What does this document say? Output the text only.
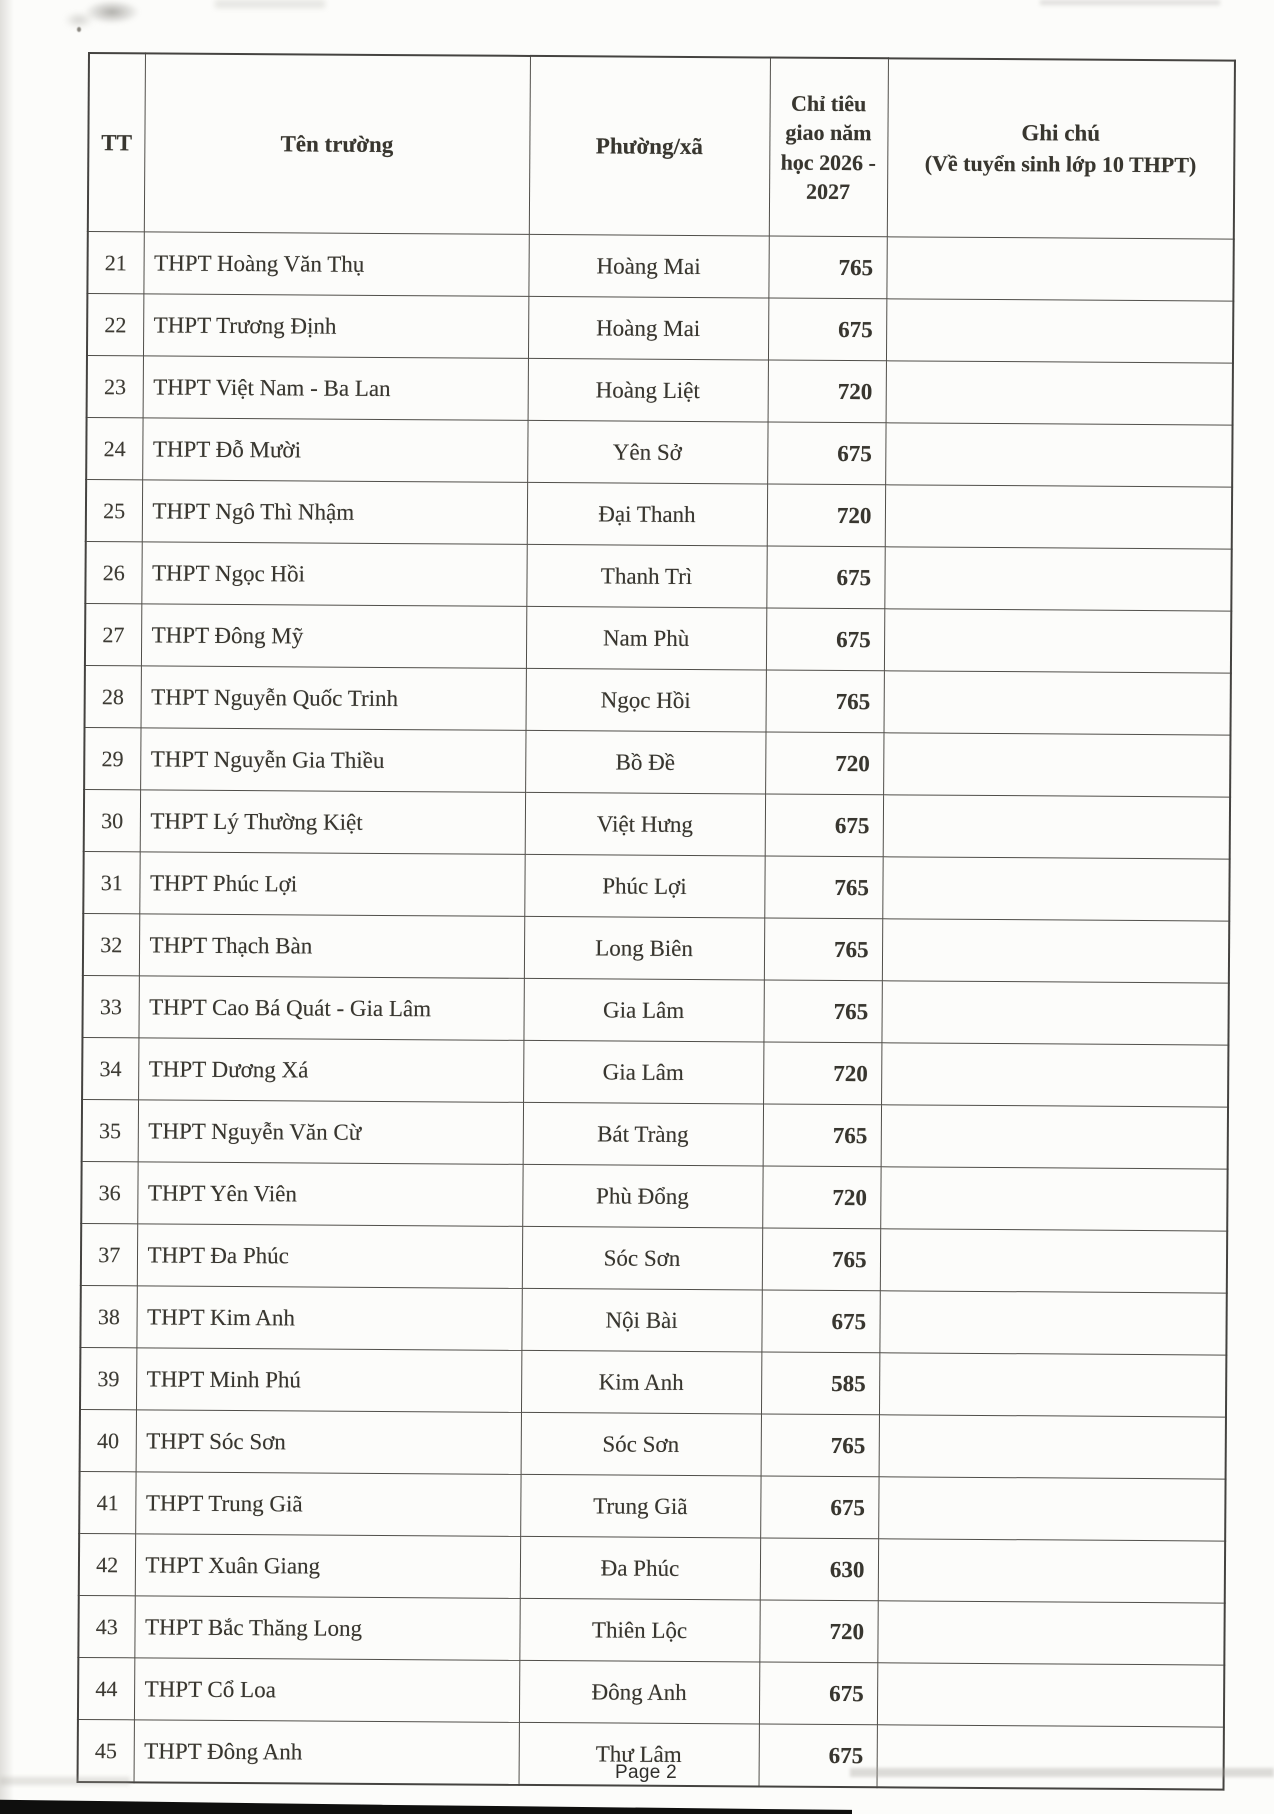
TT	Tên trường	Phường/xã	Chỉ tiêu giao năm học 2026 - 2027	Ghi chú
(Về tuyển sinh lớp 10 THPT)

21	THPT Hoàng Văn Thụ	Hoàng Mai	765	
22	THPT Trương Định	Hoàng Mai	675	
23	THPT Việt Nam - Ba Lan	Hoàng Liệt	720	
24	THPT Đỗ Mười	Yên Sở	675	
25	THPT Ngô Thì Nhậm	Đại Thanh	720	
26	THPT Ngọc Hồi	Thanh Trì	675	
27	THPT Đông Mỹ	Nam Phù	675	
28	THPT Nguyễn Quốc Trinh	Ngọc Hồi	765	
29	THPT Nguyễn Gia Thiều	Bồ Đề	720	
30	THPT Lý Thường Kiệt	Việt Hưng	675	
31	THPT Phúc Lợi	Phúc Lợi	765	
32	THPT Thạch Bàn	Long Biên	765	
33	THPT Cao Bá Quát - Gia Lâm	Gia Lâm	765	
34	THPT Dương Xá	Gia Lâm	720	
35	THPT Nguyễn Văn Cừ	Bát Tràng	765	
36	THPT Yên Viên	Phù Đổng	720	
37	THPT Đa Phúc	Sóc Sơn	765	
38	THPT Kim Anh	Nội Bài	675	
39	THPT Minh Phú	Kim Anh	585	
40	THPT Sóc Sơn	Sóc Sơn	765	
41	THPT Trung Giã	Trung Giã	675	
42	THPT Xuân Giang	Đa Phúc	630	
43	THPT Bắc Thăng Long	Thiên Lộc	720	
44	THPT Cổ Loa	Đông Anh	675	
45	THPT Đông Anh	Thư Lâm	675	
Page 2
